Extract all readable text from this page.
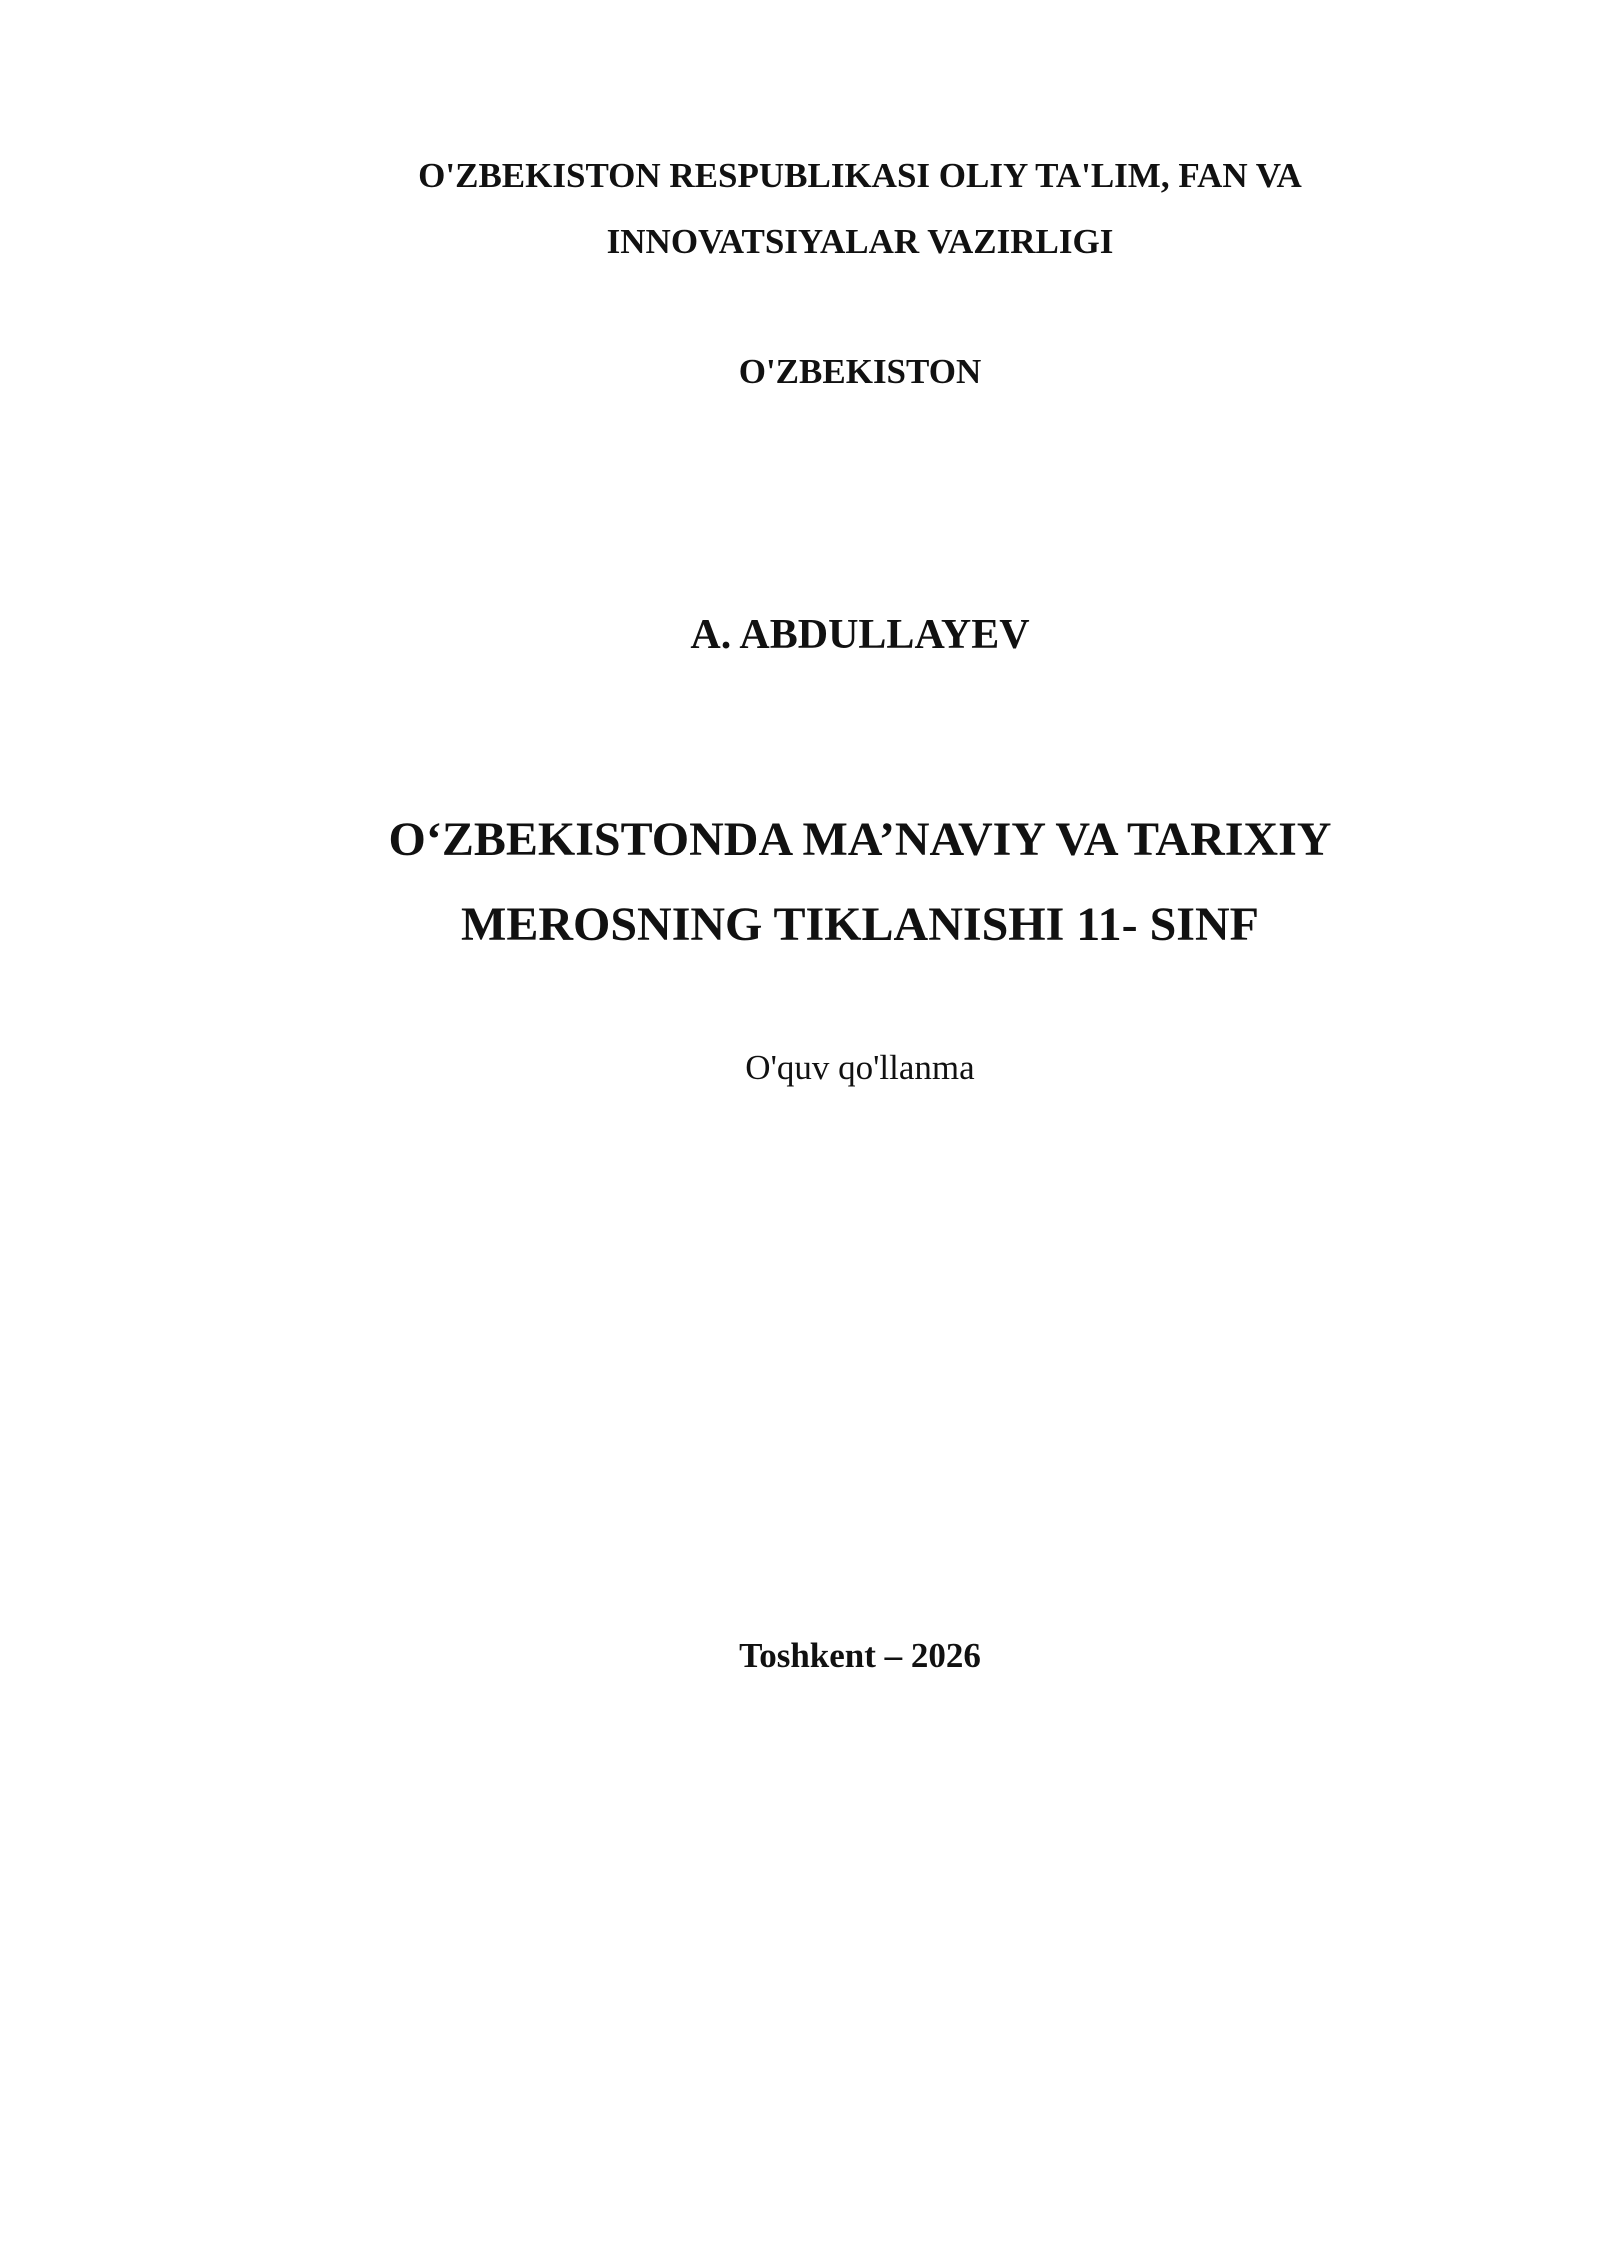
O'ZBEKISTON RESPUBLIKASI OLIY TA'LIM, FAN VA
INNOVATSIYALAR VAZIRLIGI
O'ZBEKISTON
A. ABDULLAYEV
O‘ZBEKISTONDA MA’NAVIY VA TARIXIY
MEROSNING TIKLANISHI 11- SINF
O'quv qo'llanma
Toshkent – 2026
